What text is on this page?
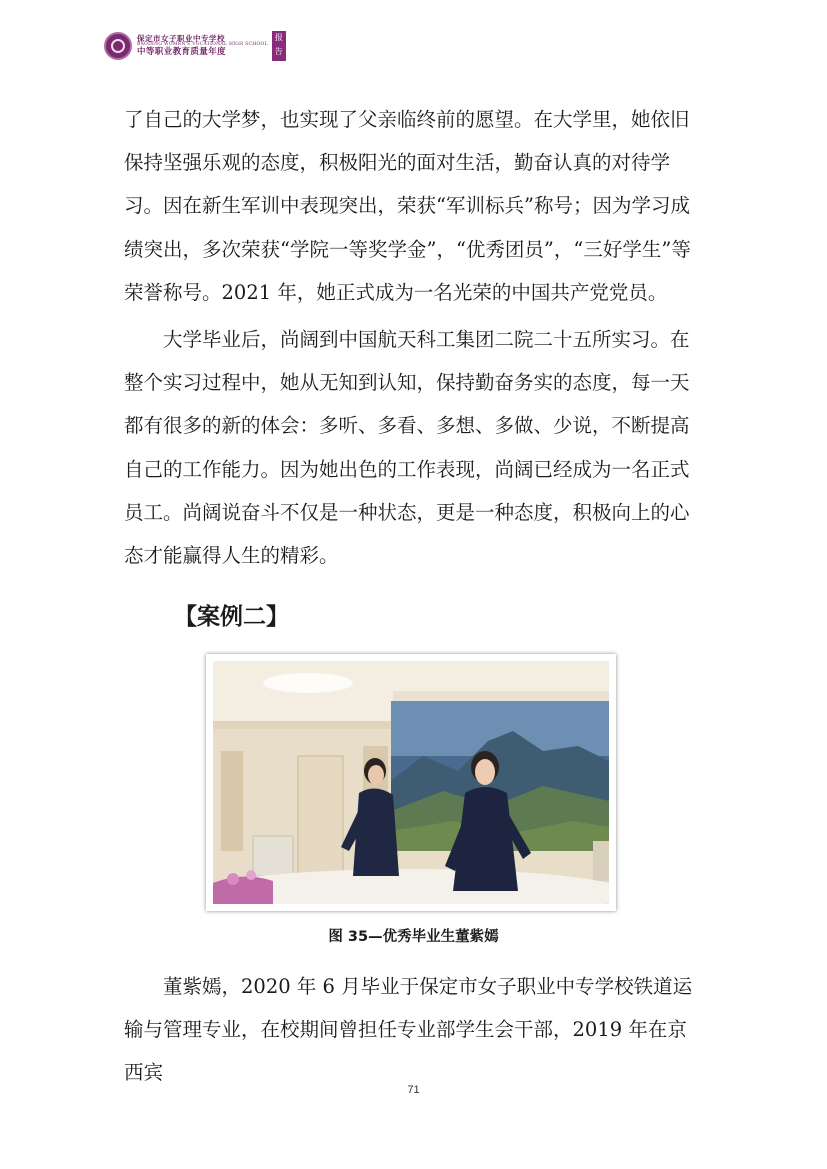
保定市女子职业中专学校
BAODING WOMEN'S VOCATIONAL HIGH SCHOOL
中等职业教育质量年度
报告

了自己的大学梦，也实现了父亲临终前的愿望。在大学里，她依旧保持坚强乐观的态度，积极阳光的面对生活，勤奋认真的对待学习。因在新生军训中表现突出，荣获“军训标兵”称号；因为学习成绩突出，多次荣获“学院一等奖学金”，“优秀团员”，“三好学生”等荣誉称号。2021 年，她正式成为一名光荣的中国共产党党员。

大学毕业后，尚阔到中国航天科工集团二院二十五所实习。在整个实习过程中，她从无知到认知，保持勤奋务实的态度，每一天都有很多的新的体会：多听、多看、多想、多做、少说，不断提高自己的工作能力。因为她出色的工作表现，尚阔已经成为一名正式员工。尚阔说奋斗不仅是一种状态，更是一种态度，积极向上的心态才能赢得人生的精彩。

【案例二】
图 35—优秀毕业生董紫嫣

董紫嫣，2020 年 6 月毕业于保定市女子职业中专学校铁道运输与管理专业，在校期间曾担任专业部学生会干部，2019 年在京西宾

71
